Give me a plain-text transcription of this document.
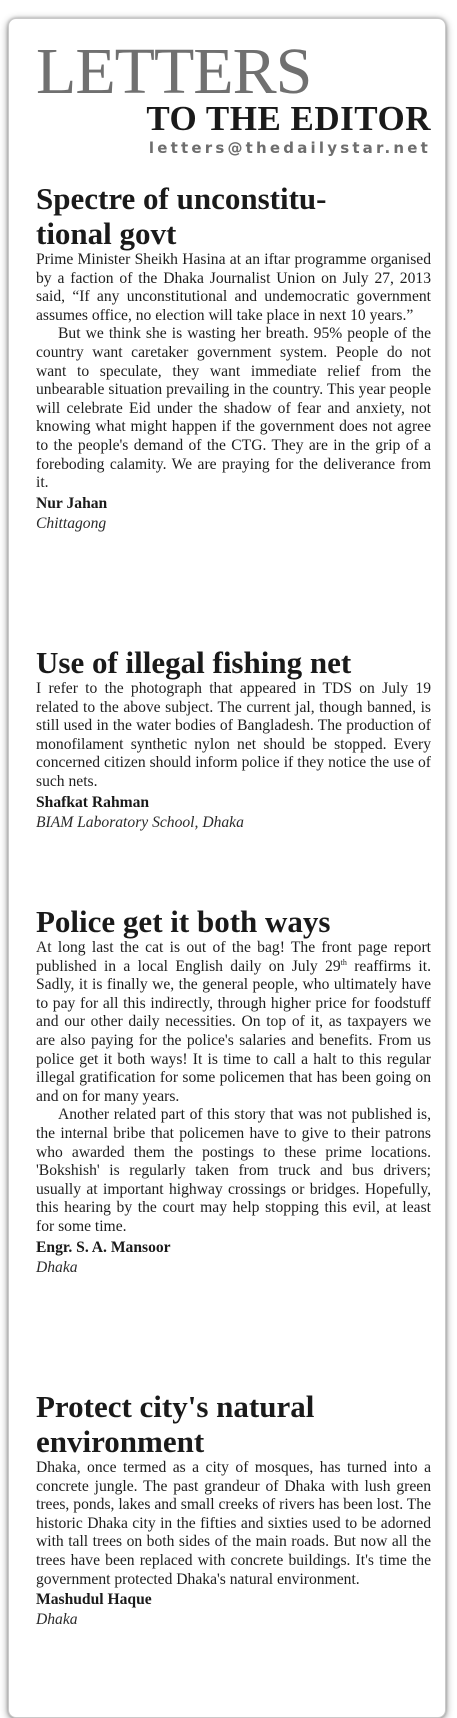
LETTERS
TO THE EDITOR
letters@thedailystar.net
Spectre of unconstitu-
tional govt

Prime Minister Sheikh Hasina at an iftar programme organised by a faction of the Dhaka Journalist Union on July 27, 2013 said, “If any unconstitutional and undemocratic government assumes office, no election will take place in next 10 years.”

But we think she is wasting her breath. 95% people of the country want caretaker government system. People do not want to speculate, they want immediate relief from the unbearable situation prevailing in the country. This year people will celebrate Eid under the shadow of fear and anxiety, not knowing what might happen if the government does not agree to the people's demand of the CTG. They are in the grip of a foreboding calamity. We are praying for the deliverance from it.

Nur Jahan

Chittagong

Use of illegal fishing net

I refer to the photograph that appeared in TDS on July 19 related to the above subject. The current jal, though banned, is still used in the water bodies of Bangladesh. The production of monofilament synthetic nylon net should be stopped. Every concerned citizen should inform police if they notice the use of such nets.

Shafkat Rahman

BIAM Laboratory School, Dhaka

Police get it both ways

At long last the cat is out of the bag! The front page report published in a local English daily on July 29th reaffirms it. Sadly, it is finally we, the general people, who ultimately have to pay for all this indirectly, through higher price for foodstuff and our other daily necessities. On top of it, as taxpayers we are also paying for the police's salaries and benefits. From us police get it both ways! It is time to call a halt to this regular illegal gratification for some policemen that has been going on and on for many years.

Another related part of this story that was not published is, the internal bribe that policemen have to give to their patrons who awarded them the postings to these prime locations. 'Bokshish' is regularly taken from truck and bus drivers; usually at important highway crossings or bridges. Hopefully, this hearing by the court may help stopping this evil, at least for some time.

Engr. S. A. Mansoor

Dhaka

Protect city's natural
environment

Dhaka, once termed as a city of mosques, has turned into a concrete jungle. The past grandeur of Dhaka with lush green trees, ponds, lakes and small creeks of rivers has been lost. The historic Dhaka city in the fifties and sixties used to be adorned with tall trees on both sides of the main roads. But now all the trees have been replaced with concrete buildings. It's time the government protected Dhaka's natural environment.

Mashudul Haque

Dhaka
